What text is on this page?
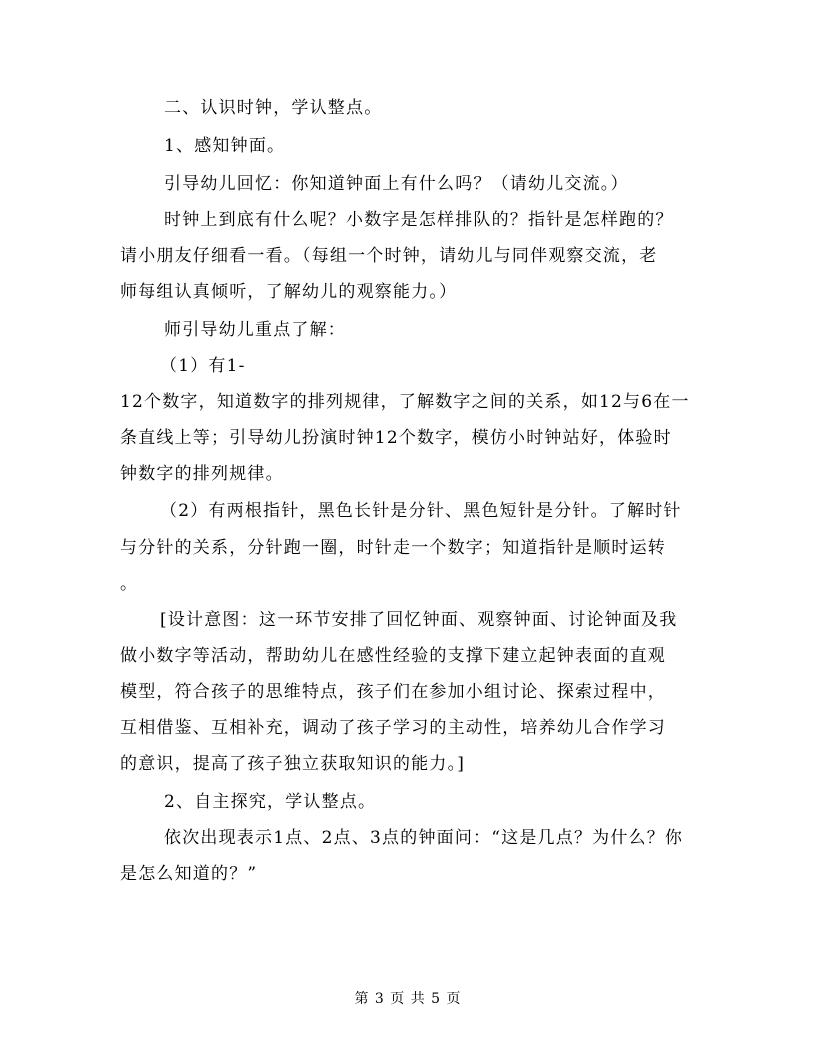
二、认识时钟，学认整点。
1、感知钟面。
引导幼儿回忆：你知道钟面上有什么吗？（请幼儿交流。）
时钟上到底有什么呢？小数字是怎样排队的？指针是怎样跑的？
请小朋友仔细看一看。（每组一个时钟，请幼儿与同伴观察交流，老
师每组认真倾听，了解幼儿的观察能力。）
师引导幼儿重点了解：
（1）有1-
12个数字，知道数字的排列规律，了解数字之间的关系，如12与6在一
条直线上等；引导幼儿扮演时钟12个数字，模仿小时钟站好，体验时
钟数字的排列规律。
（2）有两根指针，黑色长针是分针、黑色短针是分针。了解时针
与分针的关系，分针跑一圈，时针走一个数字；知道指针是顺时运转
。
[设计意图：这一环节安排了回忆钟面、观察钟面、讨论钟面及我
做小数字等活动，帮助幼儿在感性经验的支撑下建立起钟表面的直观
模型，符合孩子的思维特点，孩子们在参加小组讨论、探索过程中，
互相借鉴、互相补充，调动了孩子学习的主动性，培养幼儿合作学习
的意识，提高了孩子独立获取知识的能力。]
2、自主探究，学认整点。
依次出现表示1点、2点、3点的钟面问：“这是几点？为什么？你
是怎么知道的？”
第 3 页 共 5 页
